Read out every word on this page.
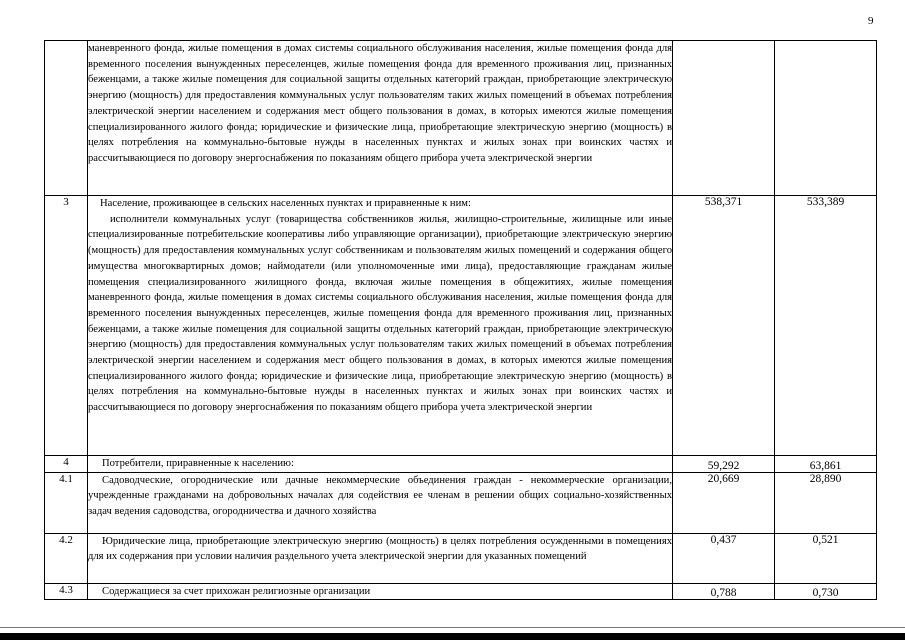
9
	маневренного фонда, жилые помещения в домах системы социального обслуживания населения, жилые помещения фонда для временного поселения вынужденных переселенцев, жилые помещения фонда для временного проживания лиц, признанных беженцами, а также жилые помещения для социальной защиты отдельных категорий граждан, приобретающие электрическую энергию (мощность) для предоставления коммунальных услуг пользователям таких жилых помещений в объемах потребления электрической энергии населением и содержания мест общего пользования в домах, в которых имеются жилые помещения специализированного жилого фонда; юридические и физические лица, приобретающие электрическую энергию (мощность) в целях потребления на коммунально-бытовые нужды в населенных пунктах и жилых зонах при воинских частях и рассчитывающиеся по договору энергоснабжения по показаниям общего прибора учета электрической энергии		
3	Население, проживающее в сельских населенных пунктах и приравненные к ним:
исполнители коммунальных услуг (товарищества собственников жилья, жилищно-строительные, жилищные или иные специализированные потребительские кооперативы либо управляющие организации), приобретающие электрическую энергию (мощность) для предоставления коммунальных услуг собственникам и пользователям жилых помещений и содержания общего имущества многоквартирных домов; наймодатели (или уполномоченные ими лица), предоставляющие гражданам жилые помещения специализированного жилищного фонда, включая жилые помещения в общежитиях, жилые помещения маневренного фонда, жилые помещения в домах системы социального обслуживания населения, жилые помещения фонда для временного поселения вынужденных переселенцев, жилые помещения фонда для временного проживания лиц, признанных беженцами, а также жилые помещения для социальной защиты отдельных категорий граждан, приобретающие электрическую энергию (мощность) для предоставления коммунальных услуг пользователям таких жилых помещений в объемах потребления электрической энергии населением и содержания мест общего пользования в домах, в которых имеются жилые помещения специализированного жилого фонда; юридические и физические лица, приобретающие электрическую энергию (мощность) в целях потребления на коммунально-бытовые нужды в населенных пунктах и жилых зонах при воинских частях и рассчитывающиеся по договору энергоснабжения по показаниям общего прибора учета электрической энергии	538,371	533,389
4	Потребители, приравненные к населению:	59,292	63,861
4.1	Садоводческие, огороднические или дачные некоммерческие объединения граждан - некоммерческие организации, учрежденные гражданами на добровольных началах для содействия ее членам в решении общих социально-хозяйственных задач ведения садоводства, огородничества и дачного хозяйства	20,669	28,890
4.2	Юридические лица, приобретающие электрическую энергию (мощность) в целях потребления осужденными в помещениях для их содержания при условии наличия раздельного учета электрической энергии для указанных помещений	0,437	0,521
4.3	Содержащиеся за счет прихожан религиозные организации	0,788	0,730
